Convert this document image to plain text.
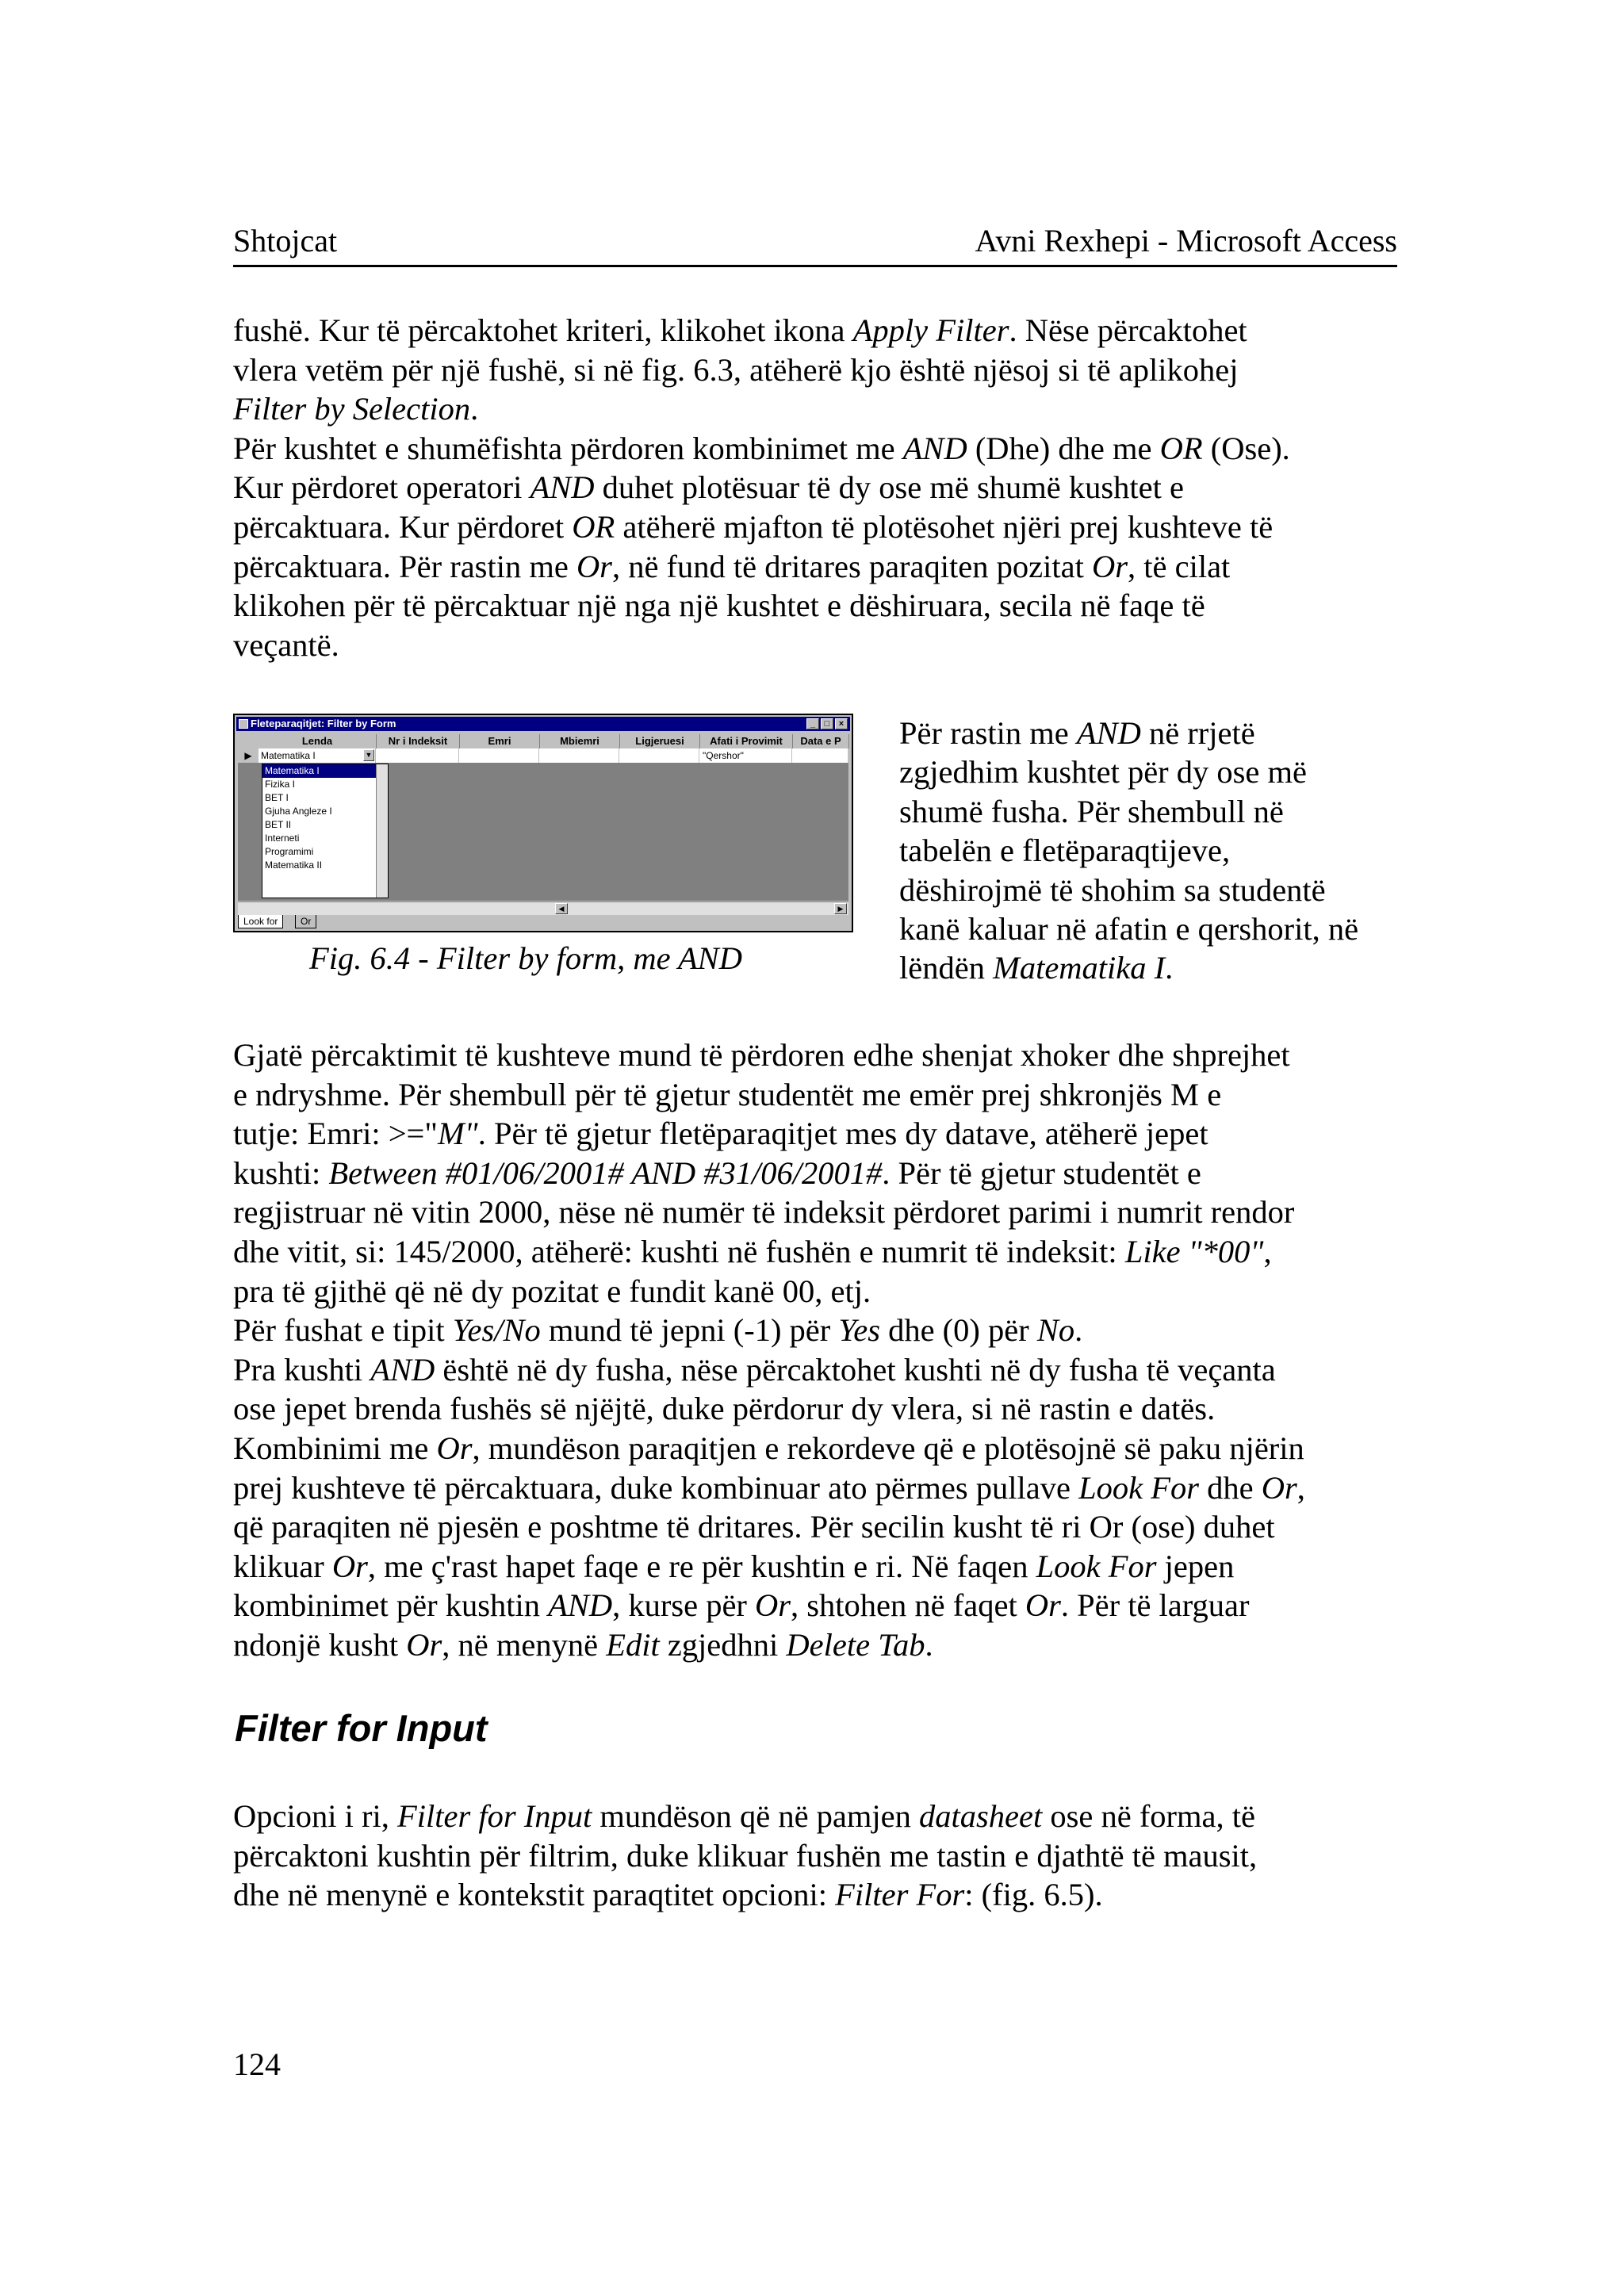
Shtojcat	Avni Rexhepi - Microsoft Access
fushë. Kur të përcaktohet kriteri, klikohet ikona Apply Filter. Nëse përcaktohet
vlera vetëm për një fushë, si në fig. 6.3, atëherë kjo është njësoj si të aplikohej
Filter by Selection.
Për kushtet e shumëfishta përdoren kombinimet me AND (Dhe) dhe me OR (Ose).
Kur përdoret operatori AND duhet plotësuar të dy ose më shumë kushtet e
përcaktuara. Kur përdoret OR atëherë mjafton të plotësohet njëri prej kushteve të
përcaktuara. Për rastin me Or, në fund të dritares paraqiten pozitat Or, të cilat
klikohen për të përcaktuar një nga një kushtet e dëshiruara, secila në faqe të
veçantë.

Fleteparaqitjet: Filter by Form	_ □ ×
Lenda	Nr i Indeksit	Emri	Mbiemri	Ligjeruesi	Afati i Provimit	Data e P
▶ Matematika I	▼	"Qershor"
Matematika I
Fizika I
BET I
Gjuha Angleze I
BET II
Interneti
Programimi
Matematika II
◀	▶
Look for	Or
Fig. 6.4 - Filter by form, me AND
Për rastin me AND në rrjetë
zgjedhim kushtet për dy ose më
shumë fusha. Për shembull në
tabelën e fletëparaqtijeve,
dëshirojmë të shohim sa studentë
kanë kaluar në afatin e qershorit, në
lëndën Matematika I.
Gjatë përcaktimit të kushteve mund të përdoren edhe shenjat xhoker dhe shprejhet
e ndryshme. Për shembull për të gjetur studentët me emër prej shkronjës M e
tutje: Emri: >="M". Për të gjetur fletëparaqitjet mes dy datave, atëherë jepet
kushti: Between #01/06/2001# AND #31/06/2001#. Për të gjetur studentët e
regjistruar në vitin 2000, nëse në numër të indeksit përdoret parimi i numrit rendor
dhe vitit, si: 145/2000, atëherë: kushti në fushën e numrit të indeksit: Like "*00",
pra të gjithë që në dy pozitat e fundit kanë 00, etj.
Për fushat e tipit Yes/No mund të jepni (-1) për Yes dhe (0) për No.
Pra kushti AND është në dy fusha, nëse përcaktohet kushti në dy fusha të veçanta
ose jepet brenda fushës së njëjtë, duke përdorur dy vlera, si në rastin e datës.
Kombinimi me Or, mundëson paraqitjen e rekordeve që e plotësojnë së paku njërin
prej kushteve të përcaktuara, duke kombinuar ato përmes pullave Look For dhe Or,
që paraqiten në pjesën e poshtme të dritares. Për secilin kusht të ri Or (ose) duhet
klikuar Or, me ç'rast hapet faqe e re për kushtin e ri. Në faqen Look For jepen
kombinimet për kushtin AND, kurse për Or, shtohen në faqet Or. Për të larguar
ndonjë kusht Or, në menynë Edit zgjedhni Delete Tab.

Filter for Input
Opcioni i ri, Filter for Input mundëson që në pamjen datasheet ose në forma, të
përcaktoni kushtin për filtrim, duke klikuar fushën me tastin e djathtë të mausit,
dhe në menynë e kontekstit paraqtitet opcioni: Filter For: (fig. 6.5).

124
